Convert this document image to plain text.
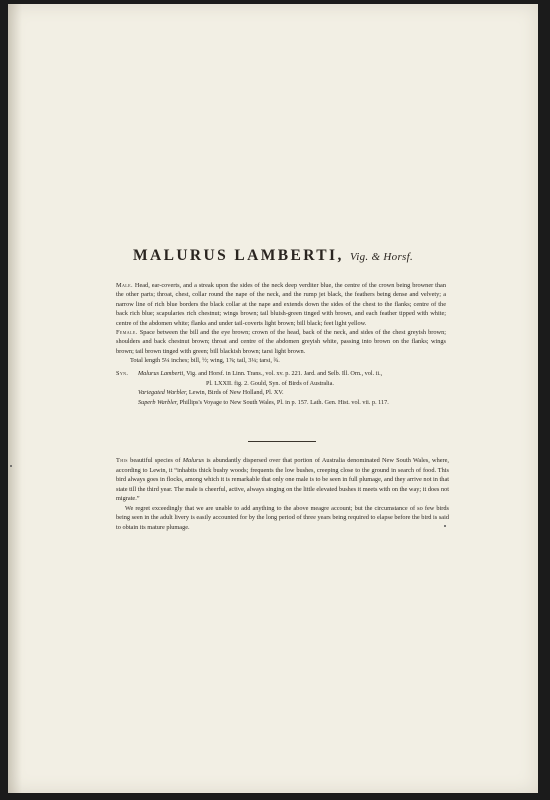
MALURUS LAMBERTI, Vig. & Horsf.

Male. Head, ear-coverts, and a streak upon the sides of the neck deep verditer blue, the centre of the crown being browner than the other parts; throat, chest, collar round the nape of the neck, and the rump jet black, the feathers being dense and velvety; a narrow line of rich blue borders the black collar at the nape and extends down the sides of the chest to the flanks; centre of the back rich blue; scapularies rich chestnut; wings brown; tail bluish-green tinged with brown, and each feather tipped with white; centre of the abdomen white; flanks and under tail-coverts light brown; bill black; feet light yellow.

Female. Space between the bill and the eye brown; crown of the head, back of the neck, and sides of the chest greyish brown; shoulders and back chestnut brown; throat and centre of the abdomen greyish white, passing into brown on the flanks; wings brown; tail brown tinged with green; bill blackish brown; tarsi light brown.

Total length 5¼ inches; bill, ½; wing, 1⅞; tail, 3¼; tarsi, ¾.

Syn. Malurus Lamberti, Vig. and Horsf. in Linn. Trans., vol. xv. p. 221. Jard. and Selb. Ill. Orn., vol. ii.,
Pl. LXXII. fig. 2. Gould, Syn. of Birds of Australia.
Variegated Warbler, Lewin, Birds of New Holland, Pl. XV.
Superb Warbler, Phillips's Voyage to New South Wales, Pl. in p. 157. Lath. Gen. Hist. vol. vii. p. 117.

This beautiful species of Malurus is abundantly dispersed over that portion of Australia denominated New South Wales, where, according to Lewin, it “inhabits thick bushy woods; frequents the low bushes, creeping close to the ground in search of food. This bird always goes in flocks, among which it is remarkable that only one male is to be seen in full plumage, and they arrive not in that state till the third year. The male is cheerful, active, always singing on the little elevated bushes it meets with on the way; it does not migrate.”

We regret exceedingly that we are unable to add anything to the above meagre account; but the circumstance of so few birds being seen in the adult livery is easily accounted for by the long period of three years being required to elapse before the bird is said to obtain its mature plumage.
